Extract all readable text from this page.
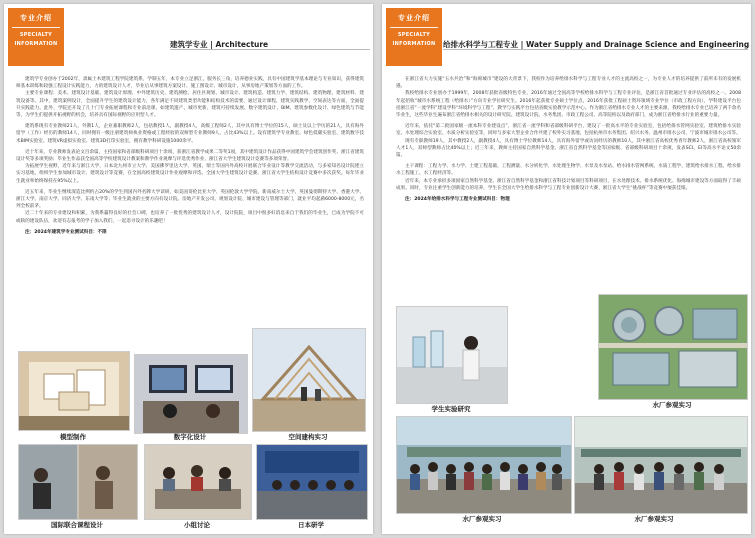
专业介绍
SPECIALTY
INFORMATION	建筑学专业 | Architecture

建筑学专业创办于2002年，隶属土木建筑工程学院建筑系，学制五年，本专业立足浙江，服务长三角，培养德业实践，具有中国建筑学基本理论与专业知识，获得建筑师基本训练和较强工程设计实践能力，力的建筑设计人才，毕业后从事建筑方案设计、施工图设计、城市设计，从事房地产策划等方面的工作。

主要专业课程：美术、建筑设计基础、建筑设计原理、中外建筑历史、建筑测绘、居住区规划、城市设计、建筑构造、建筑力学、建筑结构、建筑物理、建筑材料、建筑设备等。其中，建筑案例设计，全面提升学生的建筑设计能力，各年满足不同建筑类型功能和结构技术的需要，通过设计课程，建筑实践教学，空间表达等方面，全面提升实践能力。此外，学院还开设了几十门专业拓展课程和专业前沿课，如建筑遗产、城市更新、建筑可持续发展、数字建筑设计、BIM、建筑参数化设计、绿色建筑与节能等，为学生们提供开拓视野的机会，培养具有国际视野的应用型人才。

建筑系现有专业教师21人，外教1人，企业兼职教师2人，包括教授1人，副教授4人，高级工程师2人，其中具有博士学位的15人，硕士及以上学历的21人，具有海外留学（工作）经历的教师14人，同时拥有一级注册建筑师执业资格或工程经验的双师型专业教师9人，占比43%以上。设有建筑学专业教室、绿色低碳实验室、建筑数字技术BIM实验室、建筑VR虚拟实验室、建筑3D打印实验室，拥有教学科研设施1000余平。

近十年来，专业教师发表论文百余篇，主持国家和省部级科研项目十余项，获浙江省教学成果二等奖1项，其中建筑设计作品获得中国建筑学会建筑创作奖、浙江省建筑设计奖等多项奖励；毕业生作品获全国高等学校建筑设计教案和教学作业观摩与评选优秀作业、浙江省大学生建筑设计竞赛等多项荣誉。

为拓展学生视野，近年来与浙江大学、日本北九州市立大学、美国佛罗里达大学、英国、瑞士等国内外高校开展联合毕业设计等教学交流活动，与多家知名设计院建立实习基地，组织学生参加城市设计、建筑设计等竞赛，在全国高校建筑设计作业观摩和评选、全国大学生建筑设计竞赛、浙江省大学生结构设计竞赛中多次获奖。每年毕业生就业率始终保持在95%以上。

近五年来，毕业生继续深造比例约占20%的学生到国内外名牌大学读研，如美国哥伦比亚大学、英国伦敦大学学院、新南威尔士大学、英国曼彻斯特大学、香港大学、浙江大学、南京大学、同济大学、东南大学等；毕业生就业的主要方向有设计院、房地产开发公司、规划设计院、城市建设与管理等部门，就业平均起薪6000-8000元，名列全校前茅。

近二十年来的专业建设和积累，为我系赢得良好的社会口碑，也培养了一批优秀的建筑设计人才，设计院院，项目中很多好消息来自于我们的毕业生，已成为学院不可或缺的建设队伍，欢迎有志报考的学子加入我们，一起追寻设计的乐趣吧！

注：2024年建筑学专业测试科目：不限

模型制作	数字化设计	空间建构实习
国际联合课程设计	小组讨论	日本研学
专业介绍
SPECIALTY
INFORMATION 给排水科学与工程专业 | Water Supply and Drainage Science and Engineering

在浙江省大力实施“五水共治”和“海绵城市”建设的大背景下，我校作为培养给排水科学与工程专业人才的主流高校之一，为专业人才的培养提供了前所未有的发展机遇。

我校给排水专业创办于1999年，2008年获批省级特色专业，2016年通过全国高等学校给排水科学与工程专业评估，是浙江省首批通过专业评估的高校之一。2008年起招收“城市水系统工程（给排水）”方向专业学位研究生。2016年起获批专业硕士学位点，2016年获批工程硕士资环领域专业学位（市政工程方向），学科建设平台包括浙江省“一流学科”建设学科“环境科学与工程”，教学与实践平台包括省级实验教学示范中心。作为浙江省给排水专业人才的主要来源，我校给排水专业已培养了两千余名毕业生，这些毕业生遍布浙江省给排水相关的设计研究院、建筑设计院、水务集团、市政工程公司、高等院校以及政府部门，成为浙江省给排水行业的重要力量。

近年来，依托“第二批国家级一流本科专业建设点”，浙江省一流学科和省部级科研平台，建设了一批高水平的专业实验室，包括给排水管网实验室、建筑给排水实验室、水处理综合实验室、水质分析实验室等，同时与多家大型企业合作共建了校外实习基地，包括杭州市水务集团、绍兴水务、温州市排水公司、宁波市城市排水公司等。

现有专职教师19人，其中教授2人，副教授4人，具有博士学位教师14人，具有海外留学或访问经历的教师10人，其中浙江省高校优秀青年教师2人，浙江省高校领军人才1人，双师型教师占比40%以上；近三年来，教师主持国家自然科学基金、浙江省自然科学基金等国家级、省部级科研项目十余项，发表SCI、EI等高水平论文50余篇。

主干课程：工程力学、水力学、土建工程基础、工程测量、水分析化学、水处理生物学、水泵及水泵站、给水排水管网系统、水质工程学、建筑给水排水工程、给水排水工程施工、水工程经济等。

近年来，本专业承担多项国家自然科学基金、浙江省自然科学基金和浙江省科技计划项目等科研项目，在水处理技术、排水系统优化、海绵城市建设等方面取得了丰硕成果。同时，专业注重学生创新能力的培养，学生在全国大学生给排水科学与工程专业创新设计大赛、浙江省大学生“挑战杯”等竞赛中屡获佳绩。

注：2024年给排水科学与工程专业测试科目：物理

学生实验研究	水厂参观实习
水厂参观实习	水厂参观实习
